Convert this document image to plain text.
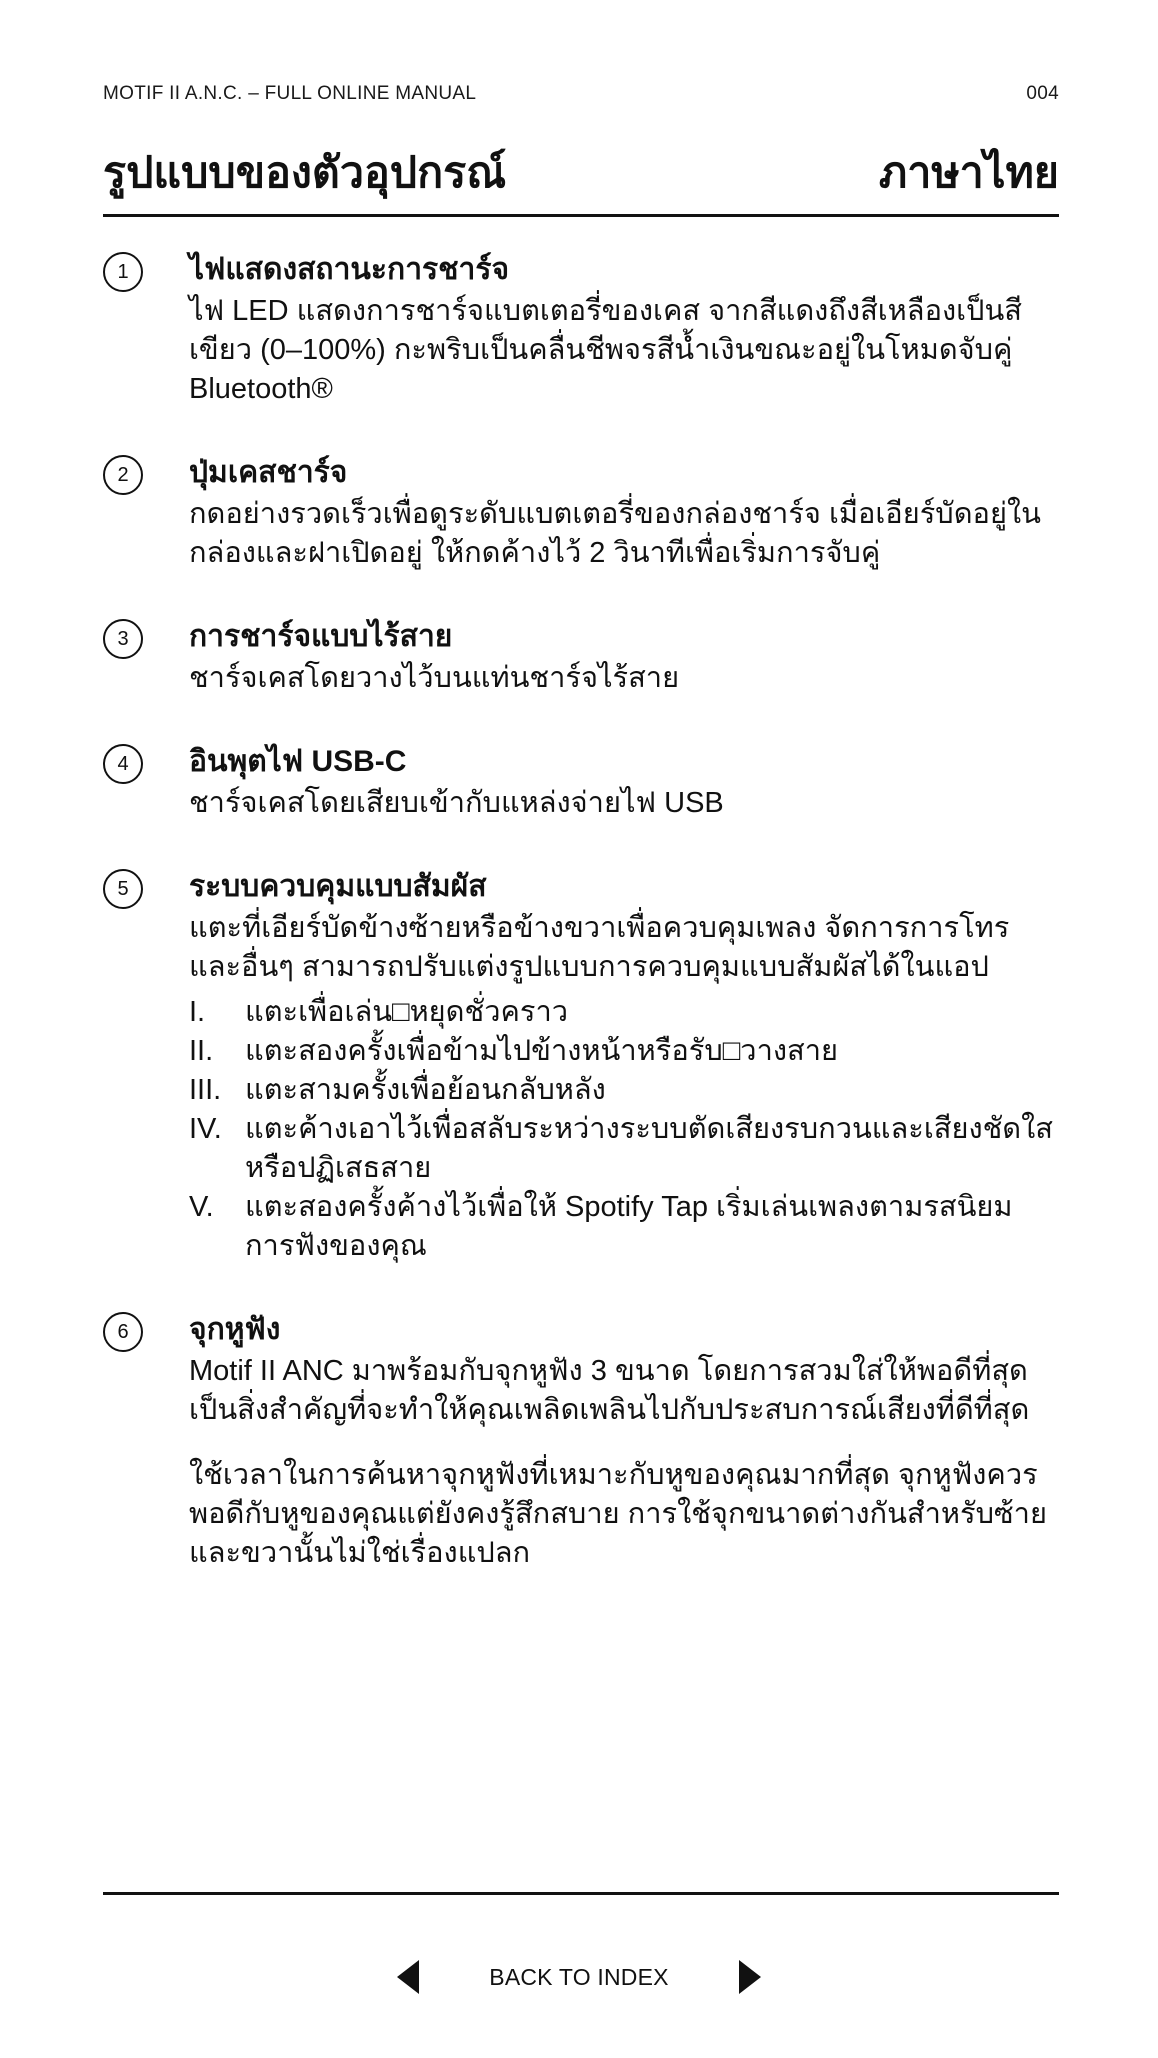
MOTIF II A.N.C. – FULL ONLINE MANUAL	004
รูปแบบของตัวอุปกรณ์	ภาษาไทย
1	ไฟแสดงสถานะการชาร์จ

ไฟ LED แสดงการชาร์จแบตเตอรี่ของเคส จากสีแดงถึงสีเหลืองเป็นสีเขียว (0–100%) กะพริบเป็นคลื่นชีพจรสีน้ำเงินขณะอยู่ในโหมดจับคู่ Bluetooth®

2	ปุ่มเคสชาร์จ

กดอย่างรวดเร็วเพื่อดูระดับแบตเตอรี่ของกล่องชาร์จ เมื่อเอียร์บัดอยู่ในกล่องและฝาเปิดอยู่ ให้กดค้างไว้ 2 วินาทีเพื่อเริ่มการจับคู่

3	การชาร์จแบบไร้สาย

ชาร์จเคสโดยวางไว้บนแท่นชาร์จไร้สาย

4	อินพุตไฟ USB-C

ชาร์จเคสโดยเสียบเข้ากับแหล่งจ่ายไฟ USB

5	ระบบควบคุมแบบสัมผัส

แตะที่เอียร์บัดข้างซ้ายหรือข้างขวาเพื่อควบคุมเพลง จัดการการโทร และอื่นๆ สามารถปรับแต่งรูปแบบการควบคุมแบบสัมผัสได้ในแอป

I. แตะเพื่อเล่น□หยุดชั่วคราว
II. แตะสองครั้งเพื่อข้ามไปข้างหน้าหรือรับ□วางสาย
III. แตะสามครั้งเพื่อย้อนกลับหลัง
IV. แตะค้างเอาไว้เพื่อสลับระหว่างระบบตัดเสียงรบกวนและเสียงชัดใส หรือปฏิเสธสาย
V. แตะสองครั้งค้างไว้เพื่อให้ Spotify Tap เริ่มเล่นเพลงตามรสนิยมการฟังของคุณ
6	จุกหูฟัง

Motif II ANC มาพร้อมกับจุกหูฟัง 3 ขนาด โดยการสวมใส่ให้พอดีที่สุดเป็นสิ่งสำคัญที่จะทำให้คุณเพลิดเพลินไปกับประสบการณ์เสียงที่ดีที่สุด

ใช้เวลาในการค้นหาจุกหูฟังที่เหมาะกับหูของคุณมากที่สุด จุกหูฟังควรพอดีกับหูของคุณแต่ยังคงรู้สึกสบาย การใช้จุกขนาดต่างกันสำหรับซ้ายและขวานั้นไม่ใช่เรื่องแปลก

BACK TO INDEX
